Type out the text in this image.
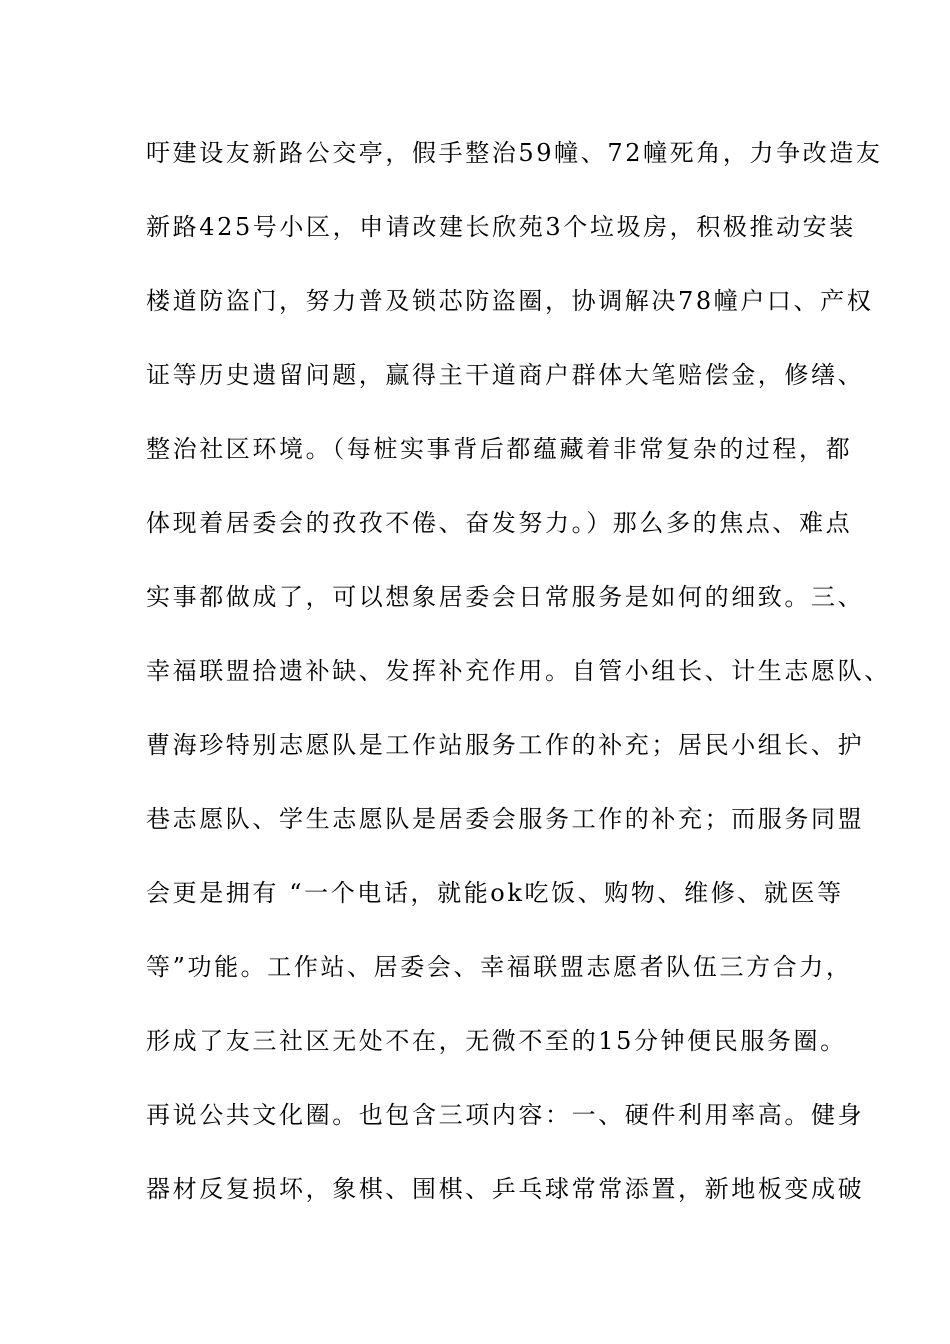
吁建设友新路公交亭，假手整治59幢、72幢死角，力争改造友
新路425号小区，申请改建长欣苑3个垃圾房，积极推动安装
楼道防盗门，努力普及锁芯防盗圈，协调解决78幢户口、产权
证等历史遗留问题，赢得主干道商户群体大笔赔偿金，修缮、
整治社区环境。（每桩实事背后都蕴藏着非常复杂的过程，都
体现着居委会的孜孜不倦、奋发努力。）那么多的焦点、难点
实事都做成了，可以想象居委会日常服务是如何的细致。三、
幸福联盟拾遗补缺、发挥补充作用。自管小组长、计生志愿队、
曹海珍特别志愿队是工作站服务工作的补充；居民小组长、护
巷志愿队、学生志愿队是居委会服务工作的补充；而服务同盟
会更是拥有 “一个电话，就能ok吃饭、购物、维修、就医等
等”功能。工作站、居委会、幸福联盟志愿者队伍三方合力，
形成了友三社区无处不在，无微不至的15分钟便民服务圈。
再说公共文化圈。也包含三项内容：一、硬件利用率高。健身
器材反复损坏，象棋、围棋、乒乓球常常添置，新地板变成破
